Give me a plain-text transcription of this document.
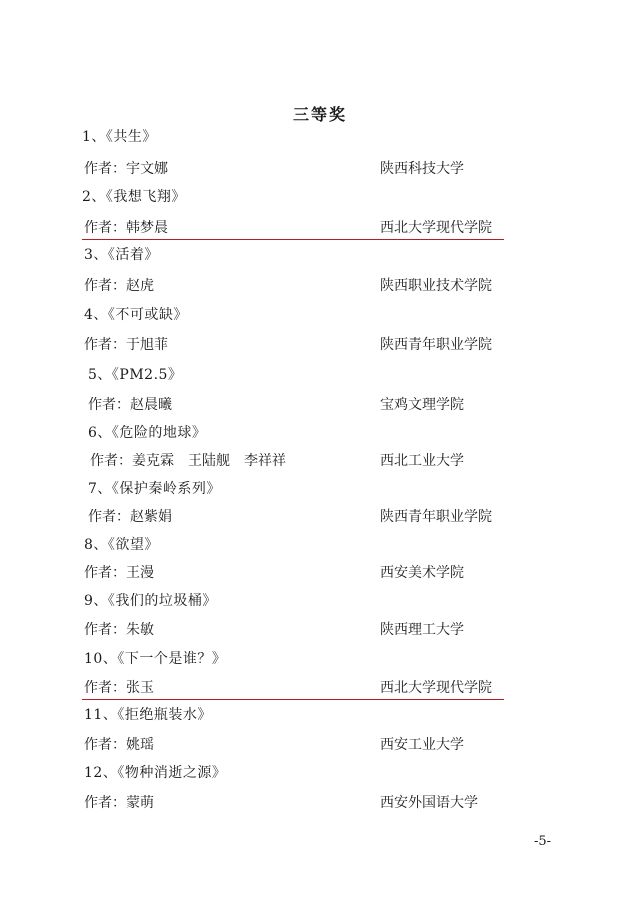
三等奖
1、《共生》
作者：宇文娜	陕西科技大学
2、《我想飞翔》
作者：韩梦晨	西北大学现代学院
3、《活着》
作者：赵虎	陕西职业技术学院
4、《不可或缺》
作者：于旭菲	陕西青年职业学院
5、《PM2.5》
作者：赵晨曦	宝鸡文理学院
6、《危险的地球》
作者：姜克霖　王陆舰　李祥祥	西北工业大学
7、《保护秦岭系列》
作者：赵紫娟	陕西青年职业学院
8、《欲望》
作者：王漫	西安美术学院
9、《我们的垃圾桶》
作者：朱敏	陕西理工大学
10、《下一个是谁？》
作者：张玉	西北大学现代学院
11、《拒绝瓶装水》
作者：姚瑶	西安工业大学
12、《物种消逝之源》
作者：蒙萌	西安外国语大学
-5-
